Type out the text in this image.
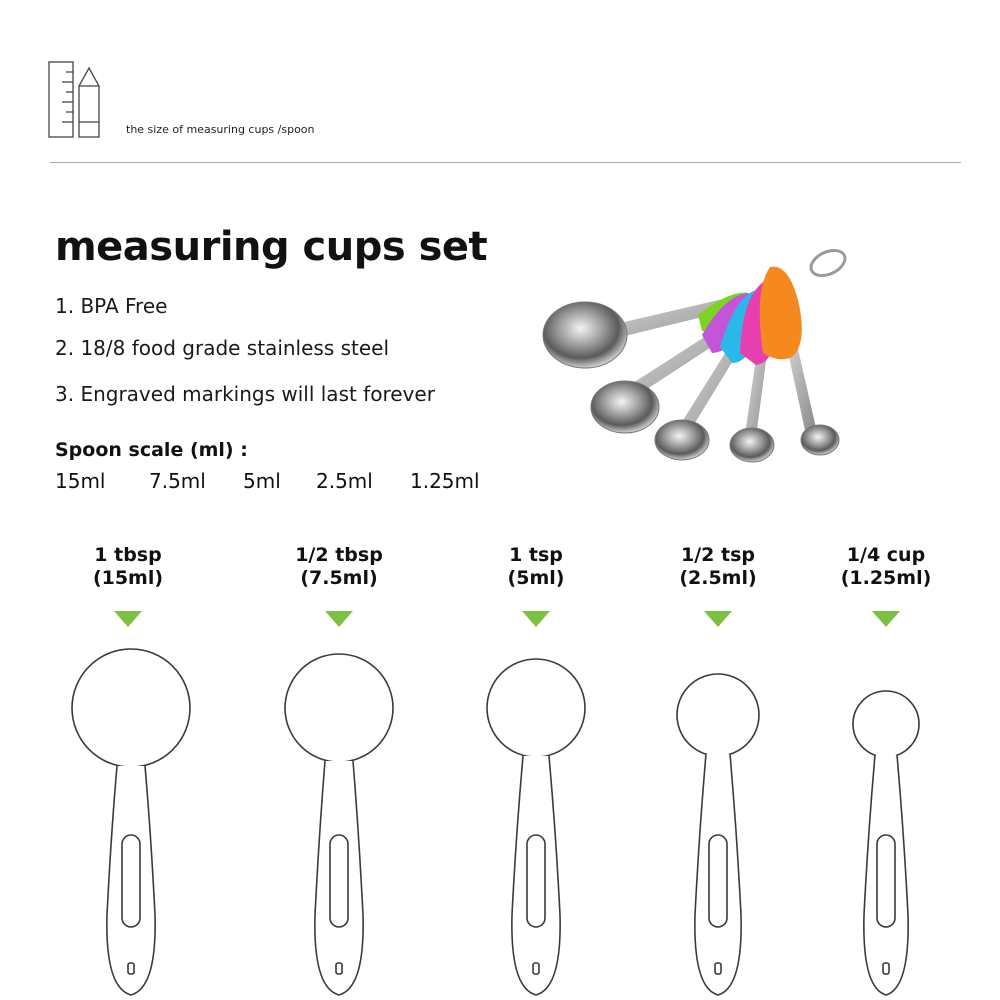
the size of measuring cups /spoon
measuring cups set
1. BPA Free
2. 18/8 food grade stainless steel
3. Engraved markings will last forever
Spoon scale (ml) :
15ml 7.5ml 5ml 2.5ml 1.25ml
1 tbsp
(15ml)
1/2 tbsp
(7.5ml)
1 tsp
(5ml)
1/2 tsp
(2.5ml)
1/4 cup
(1.25ml)
